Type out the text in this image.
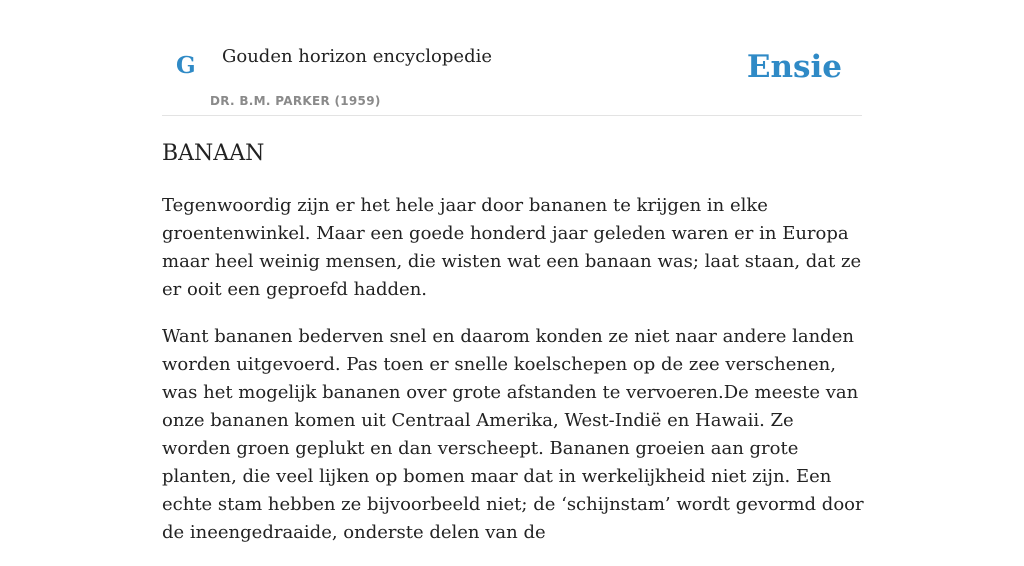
G Gouden horizon encyclopedie
DR. B.M. PARKER (1959)
Ensie
BANAAN

Tegenwoordig zijn er het hele jaar door bananen te krijgen in elke groentenwinkel. Maar een goede honderd jaar geleden waren er in Europa maar heel weinig mensen, die wisten wat een banaan was; laat staan, dat ze er ooit een geproefd hadden.

Want bananen bederven snel en daarom konden ze niet naar andere landen worden uitgevoerd. Pas toen er snelle koelschepen op de zee verschenen, was het mogelijk bananen over grote afstanden te vervoeren.De meeste van onze bananen komen uit Centraal Amerika, West-Indië en Hawaii. Ze worden groen geplukt en dan verscheept. Bananen groeien aan grote planten, die veel lijken op bomen maar dat in werkelijkheid niet zijn. Een echte stam hebben ze bijvoorbeeld niet; de ‘schijnstam’ wordt gevormd door de ineengedraaide, onderste delen van de
